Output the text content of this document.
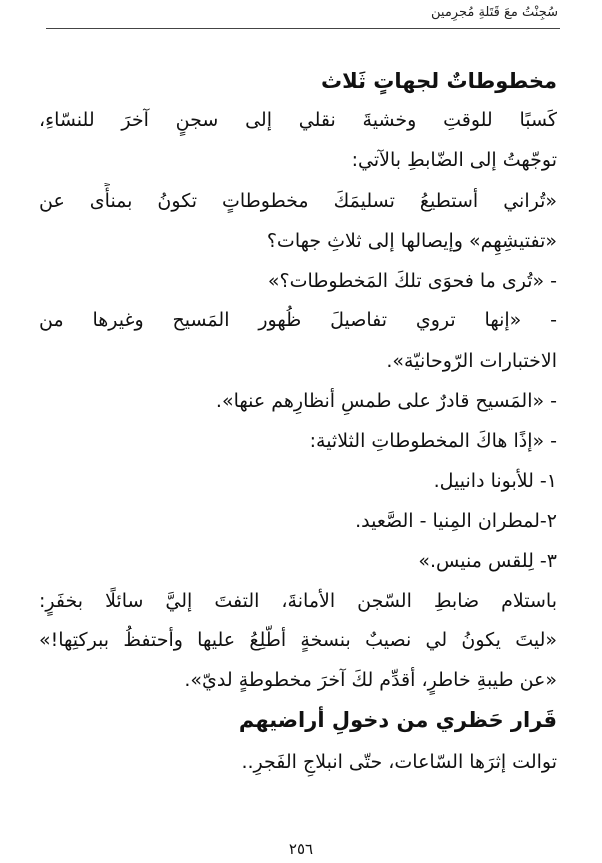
سُجِنْتُ معَ قَتَلةِ مُجرِمين
مخطوطاتٌ لجهاتٍ ثَلاث
كَسبًا للوقتِ وخشيةَ نقلي إلى سجنٍ آخرَ للنسّاءِ،
توجّهتُ إلى الضّابطِ بالآتي:
«تُراني أستطيعُ تسليمَكَ مخطوطاتٍ تكونُ بمنأًى عن
«تفتيشِهِم» وإيصالها إلى ثلاثِ جهات؟
- «تُرى ما فحوَى تلكَ المَخطوطات؟»
- «إنها تروي تفاصيلَ ظُهور المَسيح وغيرها من
الاختبارات الرّوحانيّة».
- «المَسيح قادرٌ على طمسِ أنظارِهم عنها».
- «إذًا هاكَ المخطوطاتِ الثلاثية:
١- للأبونا دانييل.
٢-لمطران المِنيا - الصَّعيد.
٣- لِلقس منيس.»
باستلام ضابطِ السّجن الأمانةَ، التفتَ إليَّ سائلًا بخفَرٍ:
«ليتَ يكونُ لي نصيبٌ بنسخةٍ أطّلِعُ عليها وأحتفظُ ببركتِها!»
«عن طيبةِ خاطرٍ، أقدِّم لكَ آخرَ مخطوطةٍ لديّ».
قَرار حَظري من دخولِ أراضيهم
توالت إثرَها السّاعات، حتّى انبلاجِ الفَجرِ..
٢٥٦
